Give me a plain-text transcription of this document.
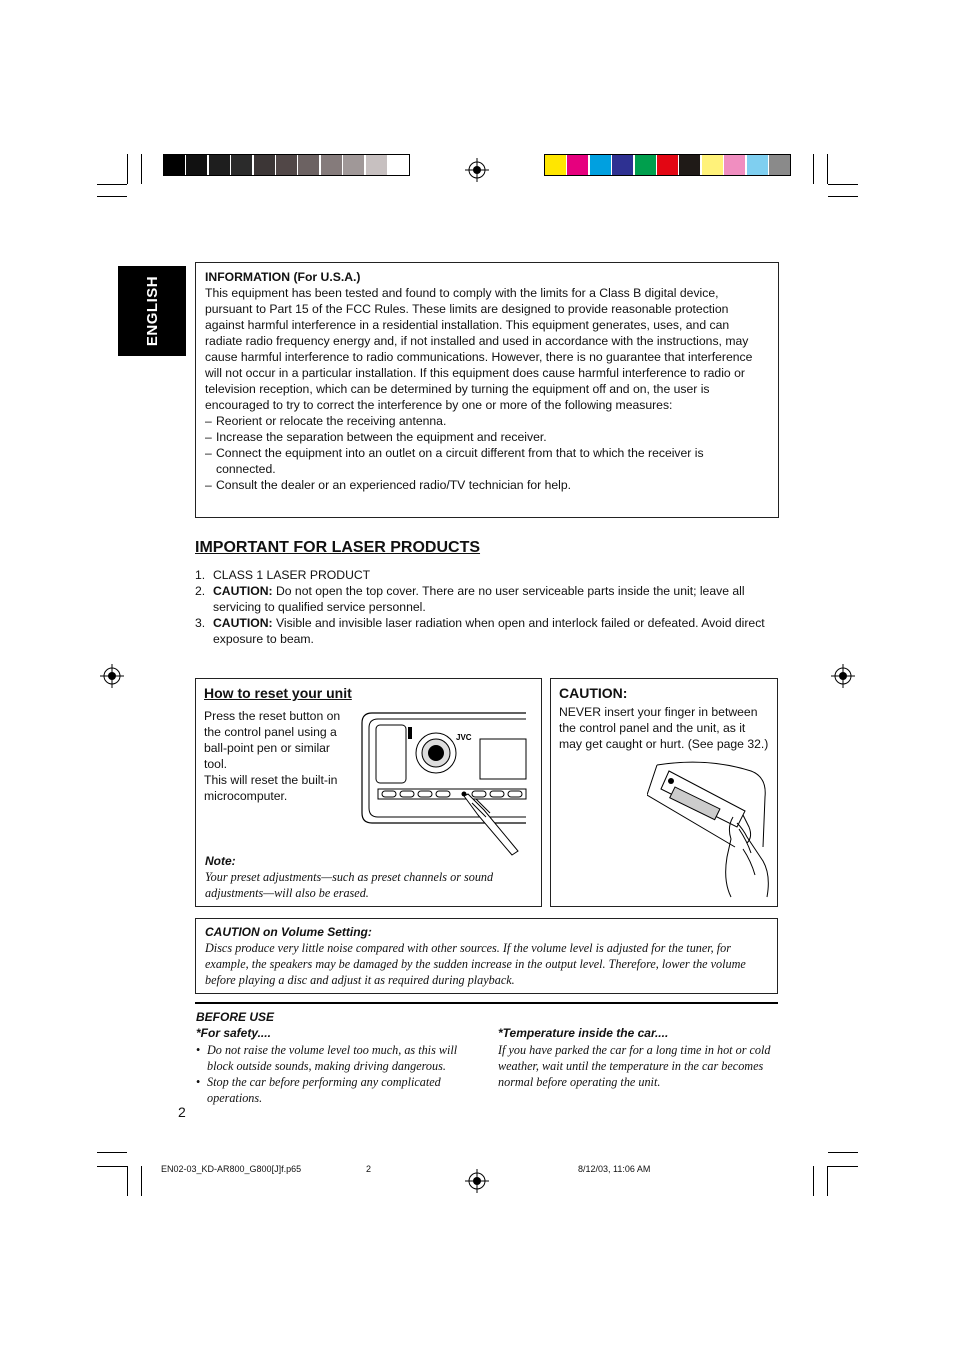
ENGLISH	INFORMATION (For U.S.A.)
This equipment has been tested and found to comply with the limits for a Class B digital device, pursuant to Part 15 of the FCC Rules. These limits are designed to provide reasonable protection against harmful interference in a residential installation. This equipment generates, uses, and can radiate radio frequency energy and, if not installed and used in accordance with the instructions, may cause harmful interference to radio communications. However, there is no guarantee that interference will not occur in a particular installation. If this equipment does cause harmful interference to radio or television reception, which can be determined by turning the equipment off and on, the user is encouraged to try to correct the interference by one or more of the following measures:
– Reorient or relocate the receiving antenna.
– Increase the separation between the equipment and receiver.
– Connect the equipment into an outlet on a circuit different from that to which the receiver is connected.
– Consult the dealer or an experienced radio/TV technician for help.
IMPORTANT FOR LASER PRODUCTS
1. CLASS 1 LASER PRODUCT
2. CAUTION: Do not open the top cover. There are no user serviceable parts inside the unit; leave all servicing to qualified service personnel.
3. CAUTION: Visible and invisible laser radiation when open and interlock failed or defeated. Avoid direct exposure to beam.
How to reset your unit
Press the reset button on the control panel using a ball-point pen or similar tool.
This will reset the built-in microcomputer.
JVC
Note:
Your preset adjustments—such as preset channels or sound adjustments—will also be erased.
CAUTION:
NEVER insert your finger in between the control panel and the unit, as it may get caught or hurt. (See page 32.)
CAUTION on Volume Setting:
Discs produce very little noise compared with other sources. If the volume level is adjusted for the tuner, for example, the speakers may be damaged by the sudden increase in the output level. Therefore, lower the volume before playing a disc and adjust it as required during playback.
BEFORE USE
*For safety....
• Do not raise the volume level too much, as this will block outside sounds, making driving dangerous.
• Stop the car before performing any complicated operations.
*Temperature inside the car....
If you have parked the car for a long time in hot or cold weather, wait until the temperature in the car becomes normal before operating the unit.
2
EN02-03_KD-AR800_G800[J]f.p65	2	8/12/03, 11:06 AM
